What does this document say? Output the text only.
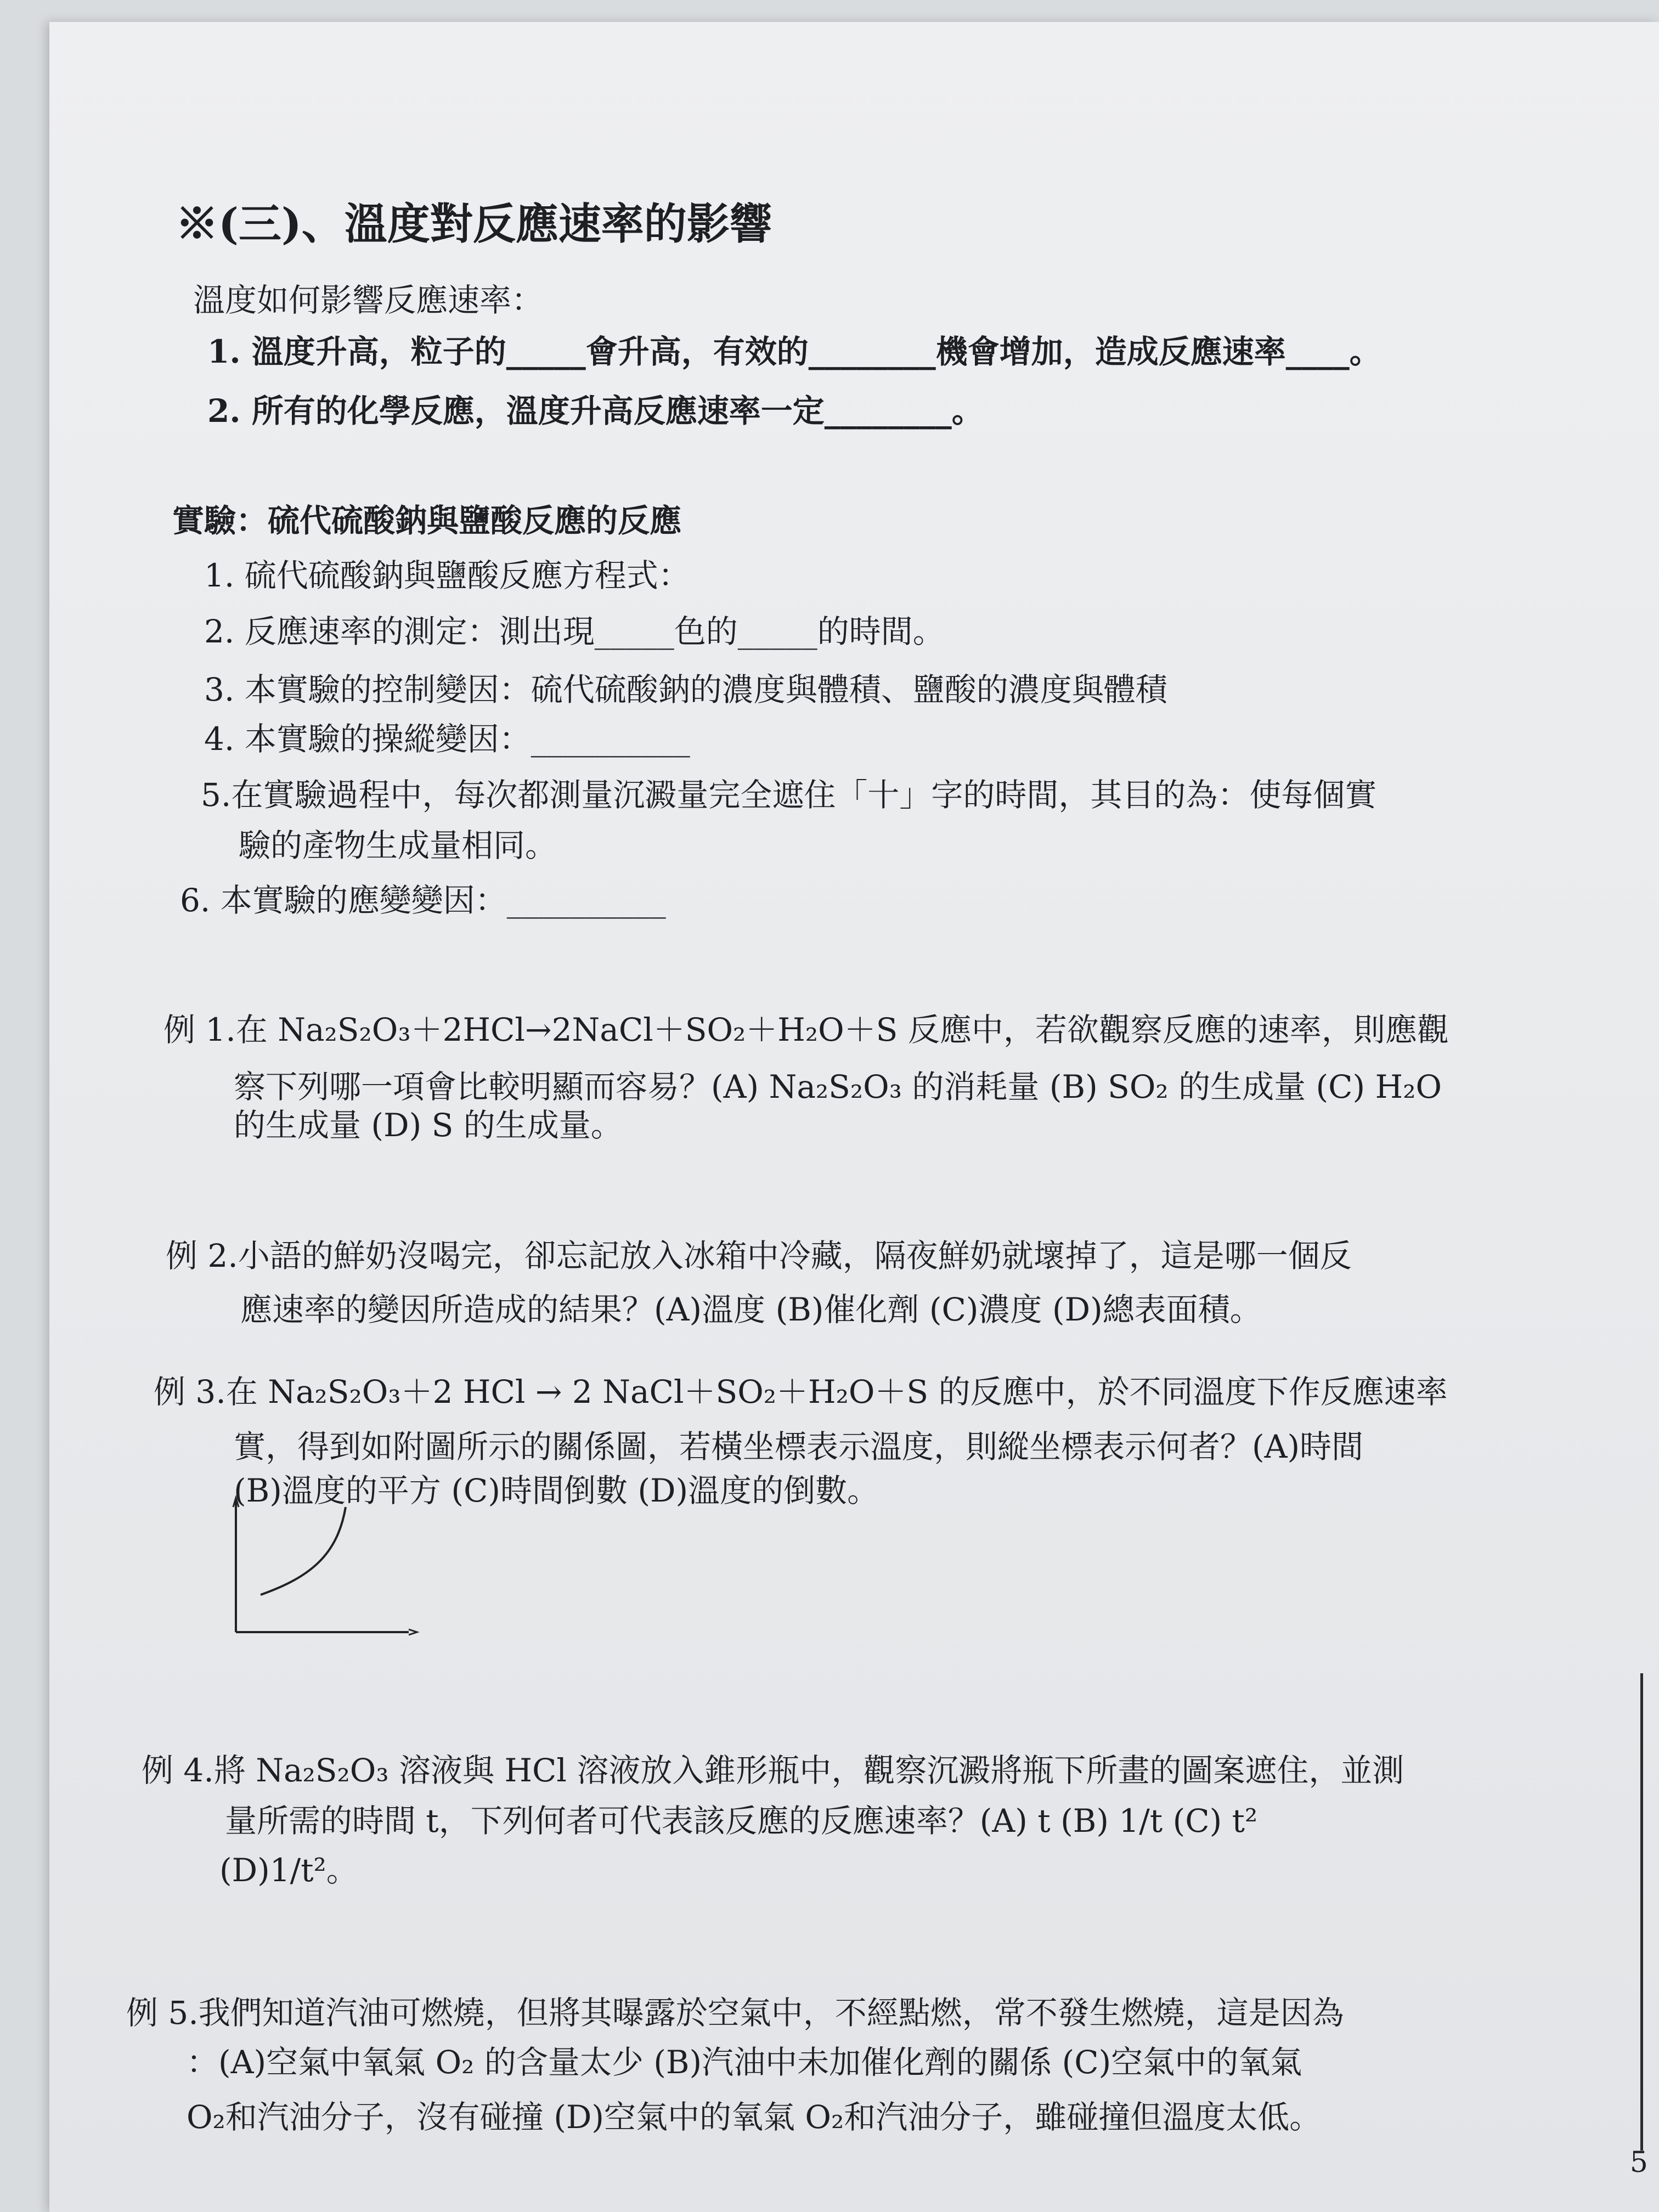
※(三)、溫度對反應速率的影響
溫度如何影響反應速率：
1. 溫度升高，粒子的_____會升高，有效的________機會增加，造成反應速率____。
2. 所有的化學反應，溫度升高反應速率一定________。
實驗：硫代硫酸鈉與鹽酸反應的反應
1. 硫代硫酸鈉與鹽酸反應方程式：
2. 反應速率的測定：測出現_____色的_____的時間。
3. 本實驗的控制變因：硫代硫酸鈉的濃度與體積、鹽酸的濃度與體積
4. 本實驗的操縱變因：__________
5.在實驗過程中，每次都測量沉澱量完全遮住「十」字的時間，其目的為：使每個實
驗的產物生成量相同。
6. 本實驗的應變變因：__________
例 1.在 Na₂S₂O₃＋2HCl→2NaCl＋SO₂＋H₂O＋S 反應中，若欲觀察反應的速率，則應觀
察下列哪一項會比較明顯而容易？(A) Na₂S₂O₃ 的消耗量 (B) SO₂ 的生成量 (C) H₂O
的生成量 (D) S 的生成量。
例 2.小語的鮮奶沒喝完，卻忘記放入冰箱中冷藏，隔夜鮮奶就壞掉了，這是哪一個反
應速率的變因所造成的結果？(A)溫度 (B)催化劑 (C)濃度 (D)總表面積。
例 3.在 Na₂S₂O₃＋2 HCl → 2 NaCl＋SO₂＋H₂O＋S 的反應中，於不同溫度下作反應速率
實，得到如附圖所示的關係圖，若橫坐標表示溫度，則縱坐標表示何者？(A)時間
(B)溫度的平方 (C)時間倒數 (D)溫度的倒數。
例 4.將 Na₂S₂O₃ 溶液與 HCl 溶液放入錐形瓶中，觀察沉澱將瓶下所畫的圖案遮住，並測
量所需的時間 t，下列何者可代表該反應的反應速率？(A) t (B) 1/t (C) t²
(D)1/t²。
例 5.我們知道汽油可燃燒，但將其曝露於空氣中，不經點燃，常不發生燃燒，這是因為
：(A)空氣中氧氣 O₂ 的含量太少 (B)汽油中未加催化劑的關係 (C)空氣中的氧氣
O₂和汽油分子，沒有碰撞 (D)空氣中的氧氣 O₂和汽油分子，雖碰撞但溫度太低。
5
